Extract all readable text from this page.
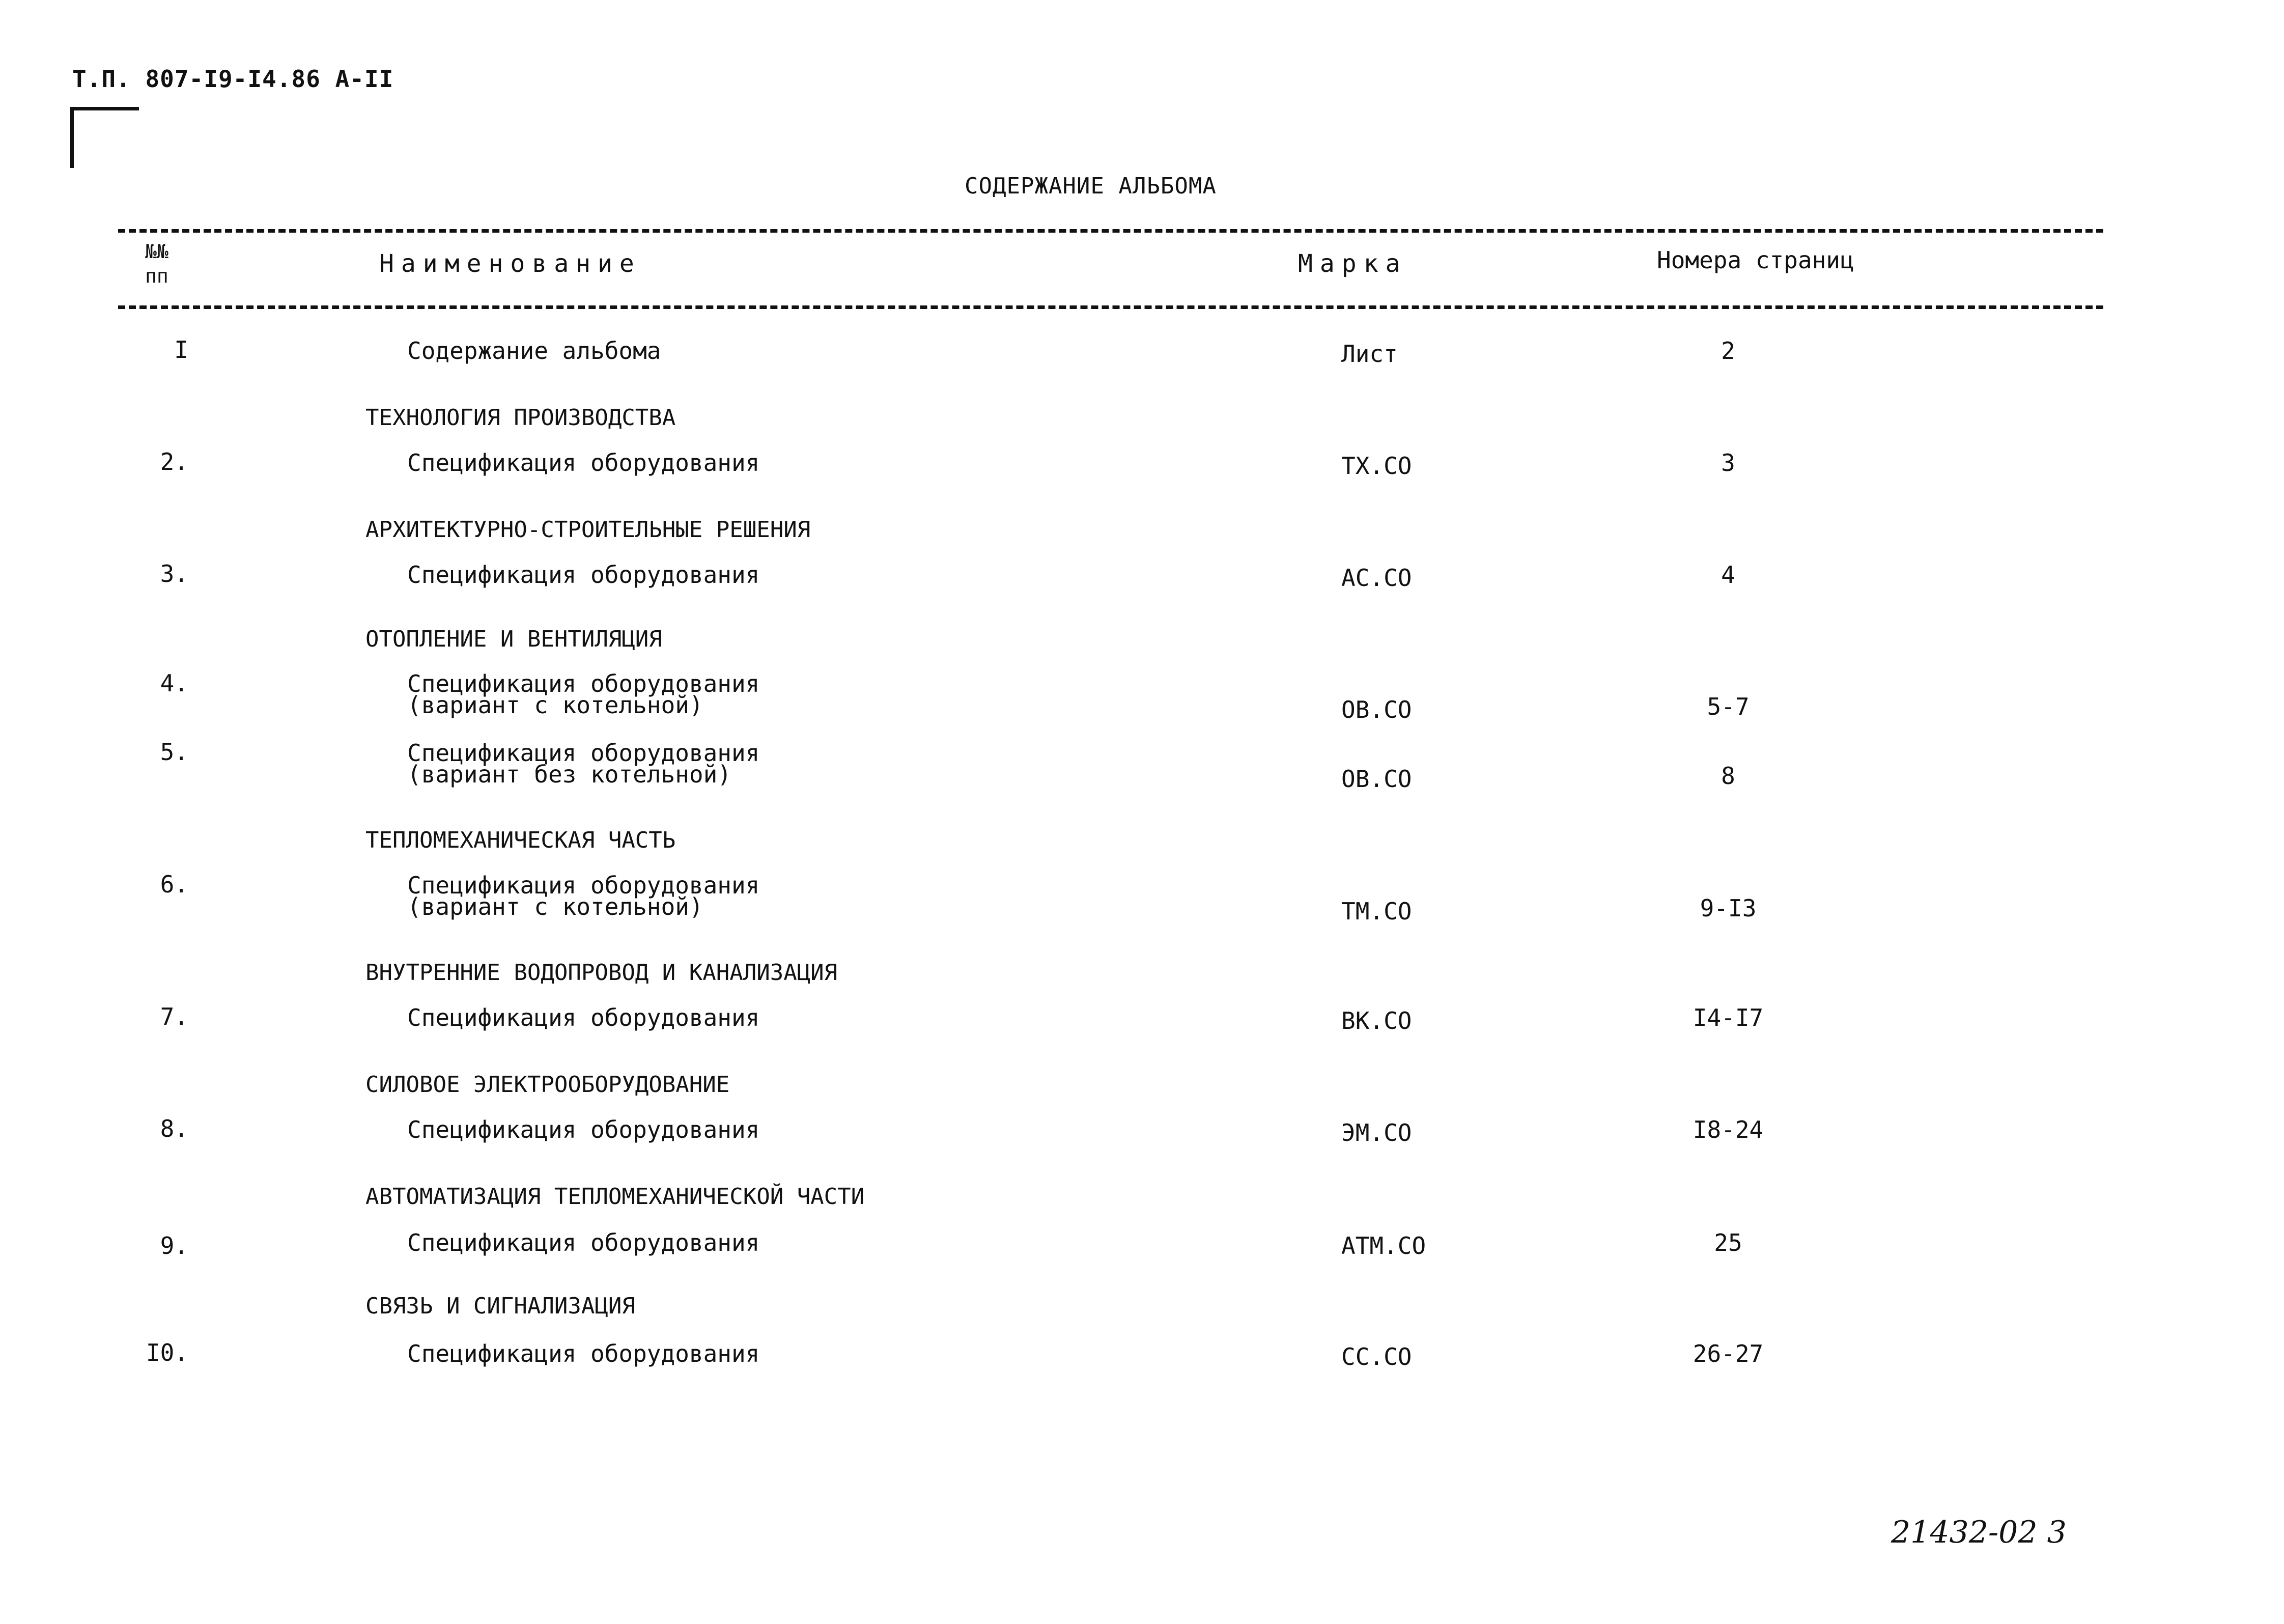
Т.П. 807-I9-I4.86 А-II
СОДЕРЖАНИЕ АЛЬБОМА
№№
пп	Наименование	Марка	Номера страниц
I	Содержание альбома	Лист	2
ТЕХНОЛОГИЯ ПРОИЗВОДСТВА
2.	Спецификация оборудования	ТХ.СО	3
АРХИТЕКТУРНО-СТРОИТЕЛЬНЫЕ РЕШЕНИЯ
3.	Спецификация оборудования	АС.СО	4
ОТОПЛЕНИЕ И ВЕНТИЛЯЦИЯ
4.	Спецификация оборудования
(вариант с котельной)	ОВ.СО	5-7
5.	Спецификация оборудования
(вариант без котельной)	ОВ.СО	8
ТЕПЛОМЕХАНИЧЕСКАЯ ЧАСТЬ
6.	Спецификация оборудования
(вариант с котельной)	ТМ.СО	9-I3
ВНУТРЕННИЕ ВОДОПРОВОД И КАНАЛИЗАЦИЯ
7.	Спецификация оборудования	ВК.СО	I4-I7
СИЛОВОЕ ЭЛЕКТРООБОРУДОВАНИЕ
8.	Спецификация оборудования	ЭМ.СО	I8-24
АВТОМАТИЗАЦИЯ ТЕПЛОМЕХАНИЧЕСКОЙ ЧАСТИ
9.	Спецификация оборудования	АТМ.СО	25
СВЯЗЬ И СИГНАЛИЗАЦИЯ
I0.	Спецификация оборудования	СС.СО	26-27
21432-02 3
